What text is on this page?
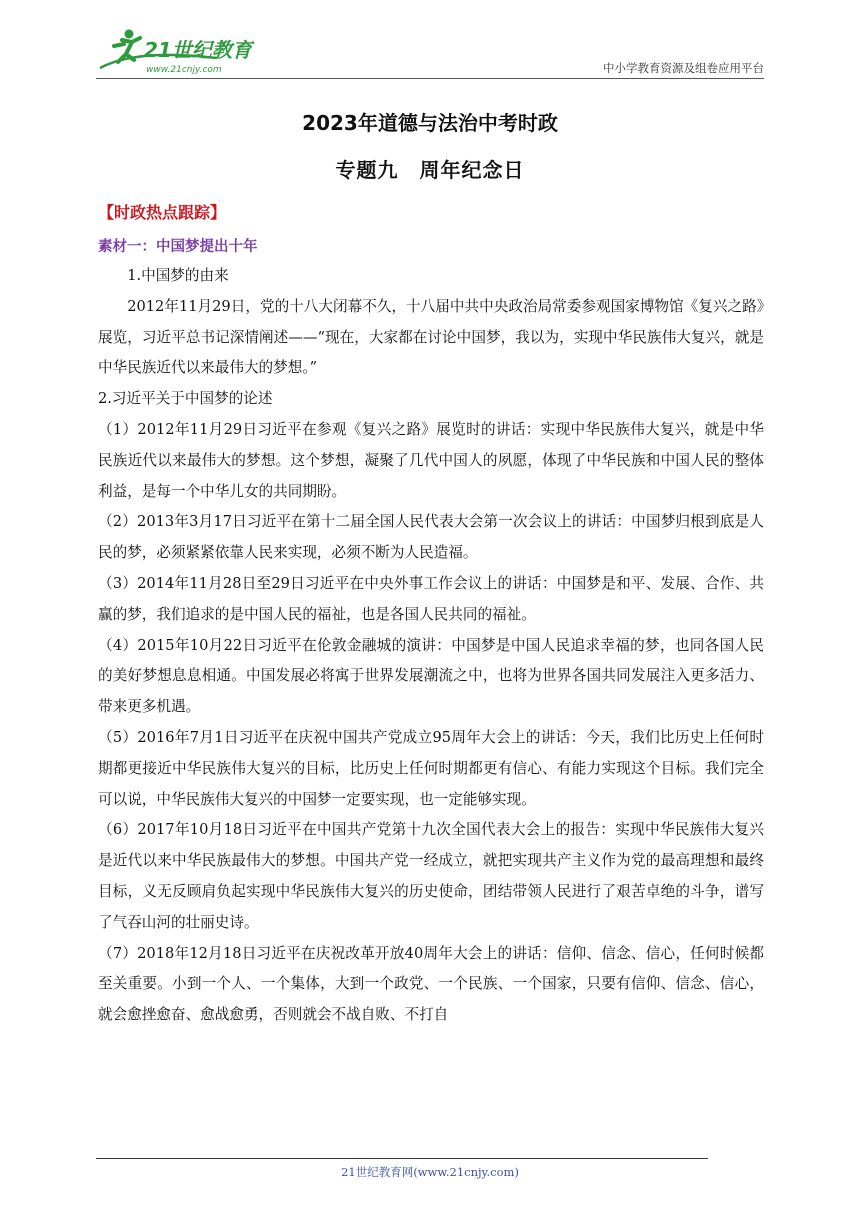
21世纪教育
www.21cnjy.com	中小学教育资源及组卷应用平台
2023年道德与法治中考时政
专题九　周年纪念日
【时政热点跟踪】
素材一：中国梦提出十年

1.中国梦的由来

2012年11月29日，党的十八大闭幕不久，十八届中共中央政治局常委参观国家博物馆《复兴之路》展览，习近平总书记深情阐述——“现在，大家都在讨论中国梦，我以为，实现中华民族伟大复兴，就是中华民族近代以来最伟大的梦想。”

2.习近平关于中国梦的论述

（1）2012年11月29日习近平在参观《复兴之路》展览时的讲话：实现中华民族伟大复兴，就是中华民族近代以来最伟大的梦想。这个梦想，凝聚了几代中国人的夙愿，体现了中华民族和中国人民的整体利益，是每一个中华儿女的共同期盼。

（2）2013年3月17日习近平在第十二届全国人民代表大会第一次会议上的讲话：中国梦归根到底是人民的梦，必须紧紧依靠人民来实现，必须不断为人民造福。

（3）2014年11月28日至29日习近平在中央外事工作会议上的讲话：中国梦是和平、发展、合作、共赢的梦，我们追求的是中国人民的福祉，也是各国人民共同的福祉。

（4）2015年10月22日习近平在伦敦金融城的演讲：中国梦是中国人民追求幸福的梦，也同各国人民的美好梦想息息相通。中国发展必将寓于世界发展潮流之中，也将为世界各国共同发展注入更多活力、带来更多机遇。

（5）2016年7月1日习近平在庆祝中国共产党成立95周年大会上的讲话：今天，我们比历史上任何时期都更接近中华民族伟大复兴的目标，比历史上任何时期都更有信心、有能力实现这个目标。我们完全可以说，中华民族伟大复兴的中国梦一定要实现，也一定能够实现。

（6）2017年10月18日习近平在中国共产党第十九次全国代表大会上的报告：实现中华民族伟大复兴是近代以来中华民族最伟大的梦想。中国共产党一经成立，就把实现共产主义作为党的最高理想和最终目标，义无反顾肩负起实现中华民族伟大复兴的历史使命，团结带领人民进行了艰苦卓绝的斗争，谱写了气吞山河的壮丽史诗。

（7）2018年12月18日习近平在庆祝改革开放40周年大会上的讲话：信仰、信念、信心，任何时候都至关重要。小到一个人、一个集体，大到一个政党、一个民族、一个国家，只要有信仰、信念、信心，就会愈挫愈奋、愈战愈勇，否则就会不战自败、不打自

21世纪教育网(www.21cnjy.com)
